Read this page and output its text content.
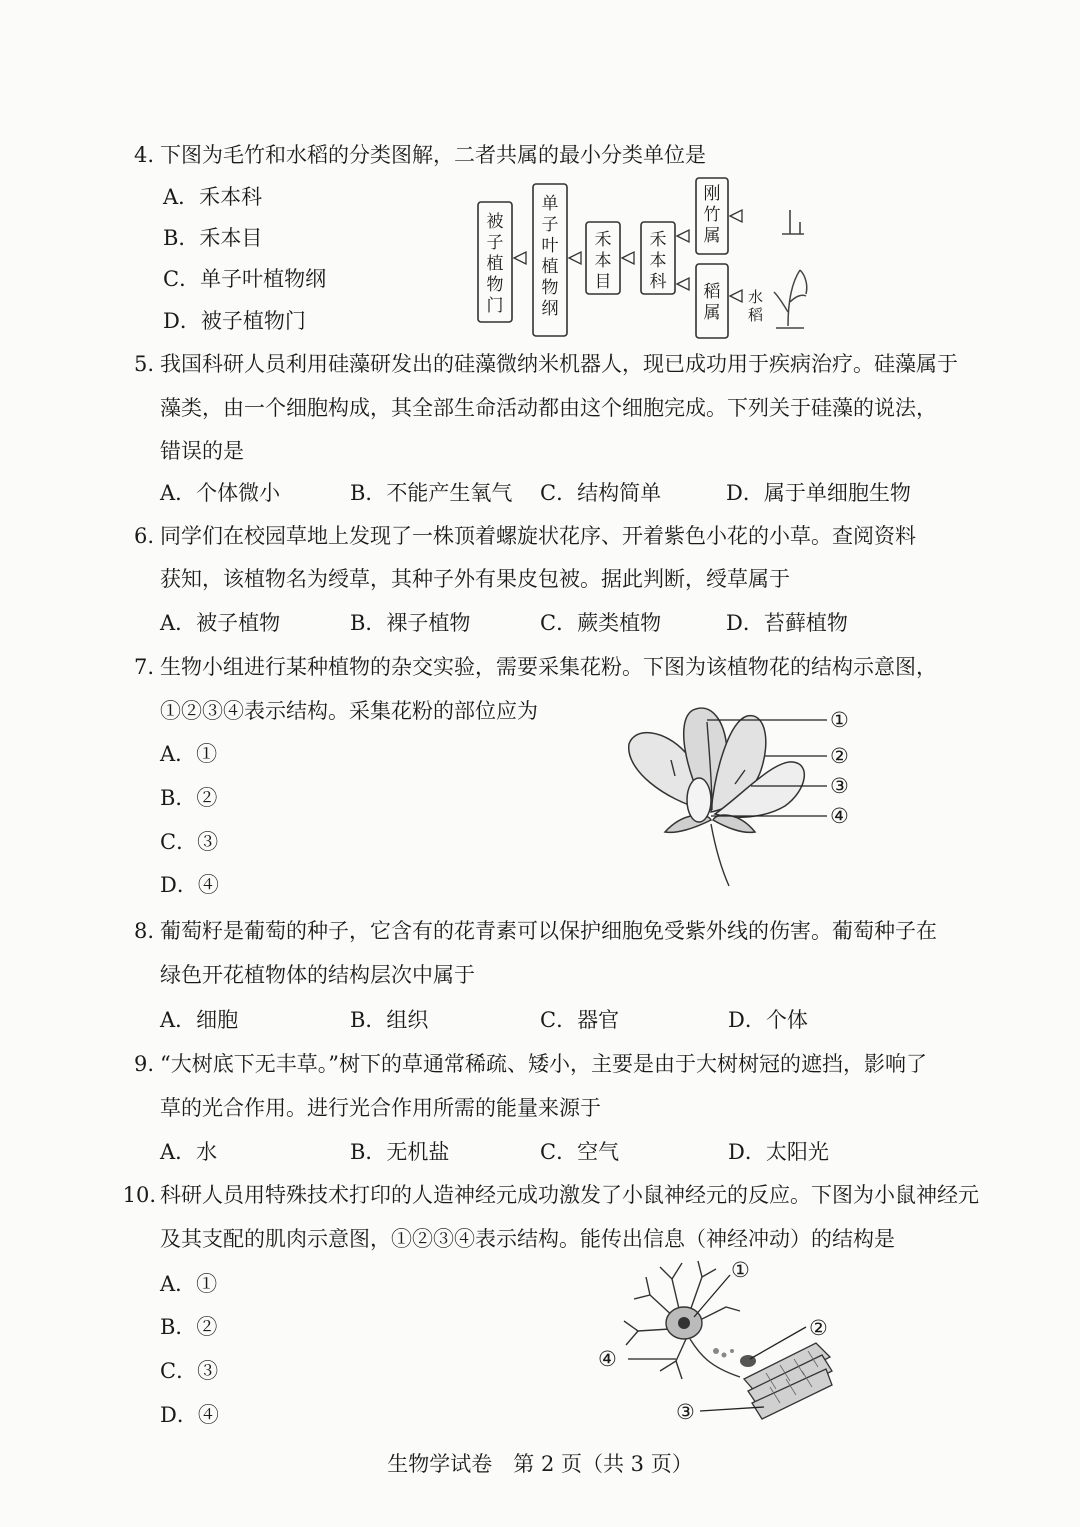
4. 下图为毛竹和水稻的分类图解，二者共属的最小分类单位是
A．禾本科
B．禾本目
C．单子叶植物纲
D．被子植物门
被
子
植
物
门
单
子
叶
植
物
纲
禾
本
目
禾
本
科
刚
竹
属
稻
属
水稻
5. 我国科研人员利用硅藻研发出的硅藻微纳米机器人，现已成功用于疾病治疗。硅藻属于
藻类，由一个细胞构成，其全部生命活动都由这个细胞完成。下列关于硅藻的说法，
错误的是
A．个体微小	B．不能产生氧气 C．结构简单	D．属于单细胞生物
6. 同学们在校园草地上发现了一株顶着螺旋状花序、开着紫色小花的小草。查阅资料
获知，该植物名为绶草，其种子外有果皮包被。据此判断，绶草属于
A．被子植物	B．裸子植物	C．蕨类植物	D．苔藓植物
7. 生物小组进行某种植物的杂交实验，需要采集花粉。下图为该植物花的结构示意图，
①②③④表示结构。采集花粉的部位应为
A．①
B．②
C．③
D．④
①
②
③
④
8. 葡萄籽是葡萄的种子，它含有的花青素可以保护细胞免受紫外线的伤害。葡萄种子在
绿色开花植物体的结构层次中属于
A．细胞	B．组织	C．器官	D．个体
9. “大树底下无丰草。”树下的草通常稀疏、矮小，主要是由于大树树冠的遮挡，影响了
草的光合作用。进行光合作用所需的能量来源于
A．水	B．无机盐	C．空气	D．太阳光
10. 科研人员用特殊技术打印的人造神经元成功激发了小鼠神经元的反应。下图为小鼠神经元
及其支配的肌肉示意图，①②③④表示结构。能传出信息（神经冲动）的结构是
A．①
B．②
C．③
D．④
①
②
③
④
生物学试卷　第 2 页（共 3 页）
